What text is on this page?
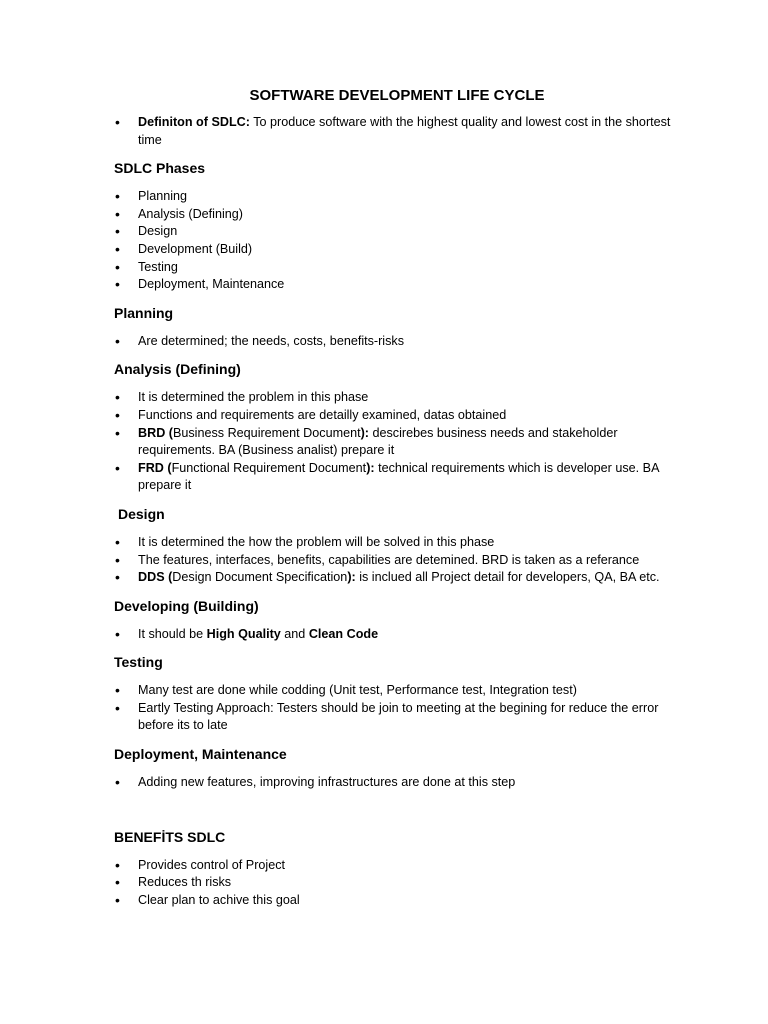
SOFTWARE DEVELOPMENT LIFE CYCLE
• Definiton of SDLC: To produce software with the highest quality and lowest cost in the shortest time
SDLC Phases
• Planning
• Analysis (Defining)
• Design
• Development (Build)
• Testing
• Deployment, Maintenance
Planning
• Are determined; the needs, costs, benefits-risks
Analysis (Defining)
• It is determined the problem in this phase
• Functions and requirements are detailly examined, datas obtained
• BRD (Business Requirement Document): descirebes business needs and stakeholder requirements. BA (Business analist) prepare it
• FRD (Functional Requirement Document): technical requirements which is developer use. BA prepare it
Design
• It is determined the how the problem will be solved in this phase
• The features, interfaces, benefits, capabilities are detemined. BRD is taken as a referance
• DDS (Design Document Specification): is inclued all Project detail for developers, QA, BA etc.
Developing (Building)
• It should be High Quality and Clean Code
Testing
• Many test are done while codding (Unit test, Performance test, Integration test)
• Eartly Testing Approach: Testers should be join to meeting at the begining for reduce the error before its to late
Deployment, Maintenance
• Adding new features, improving infrastructures are done at this step
BENEFİTS SDLC
• Provides control of Project
• Reduces th risks
• Clear plan to achive this goal
